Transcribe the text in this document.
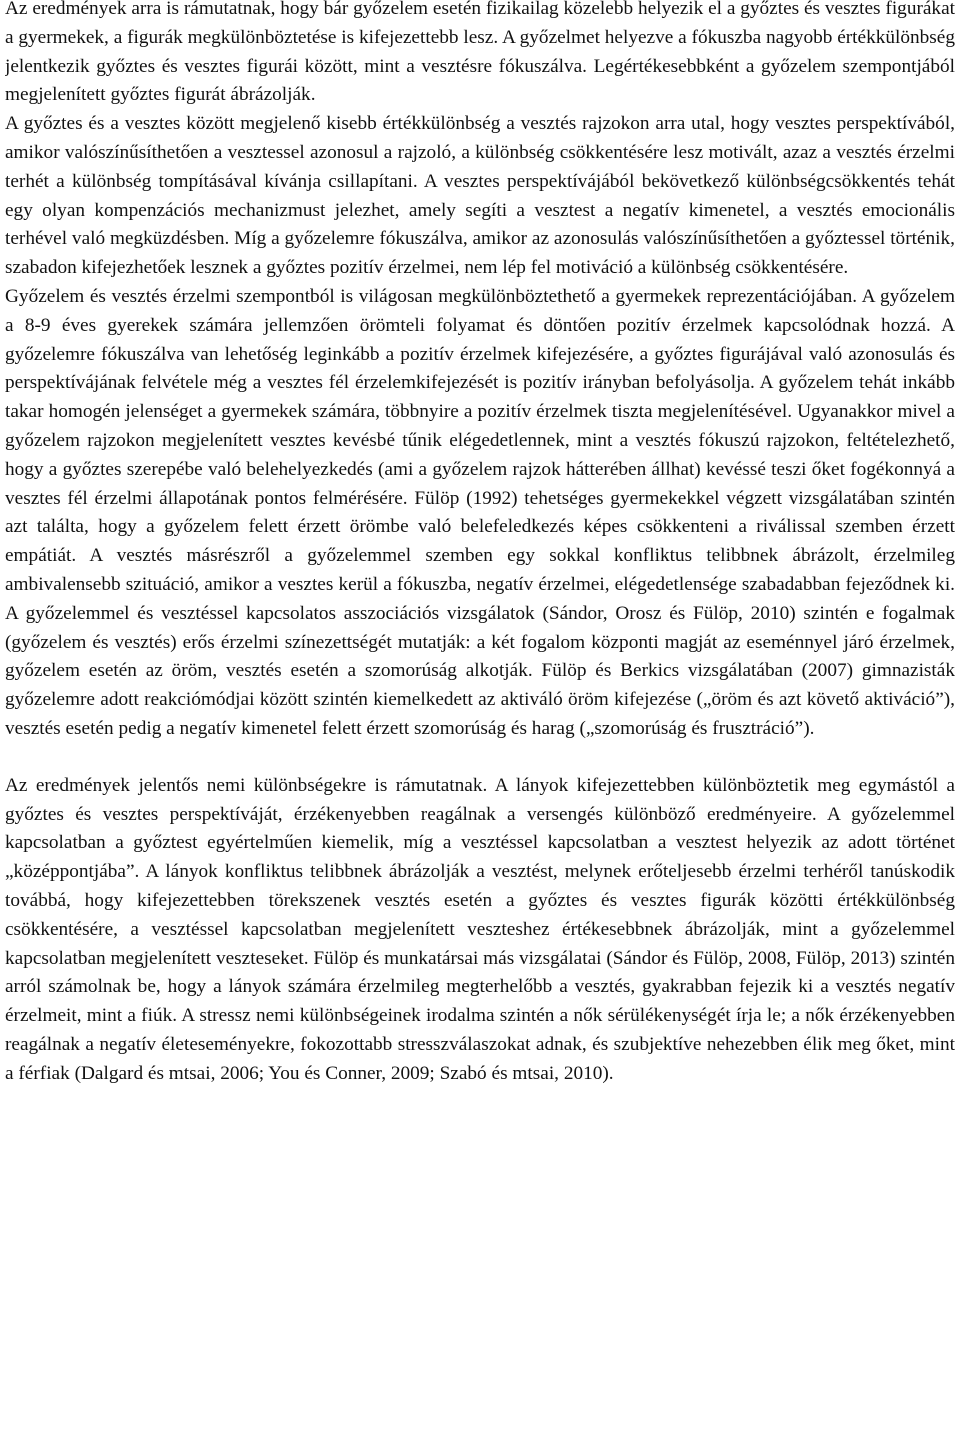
Az eredmények arra is rámutatnak, hogy bár győzelem esetén fizikailag közelebb helyezik el a győztes és vesztes figurákat a gyermekek, a figurák megkülönböztetése is kifejezettebb lesz. A győzelmet helyezve a fókuszba nagyobb értékkülönbség jelentkezik győztes és vesztes figurái között, mint a vesztésre fókuszálva. Legértékesebbként a győzelem szempontjából megjelenített győztes figurát ábrázolják.

A győztes és a vesztes között megjelenő kisebb értékkülönbség a vesztés rajzokon arra utal, hogy vesztes perspektívából, amikor valószínűsíthetően a vesztessel azonosul a rajzoló, a különbség csökkentésére lesz motivált, azaz a vesztés érzelmi terhét a különbség tompításával kívánja csillapítani. A vesztes perspektívájából bekövetkező különbségcsökkentés tehát egy olyan kompenzációs mechanizmust jelezhet, amely segíti a vesztest a negatív kimenetel, a vesztés emocionális terhével való megküzdésben. Míg a győzelemre fókuszálva, amikor az azonosulás valószínűsíthetően a győztessel történik, szabadon kifejezhetőek lesznek a győztes pozitív érzelmei, nem lép fel motiváció a különbség csökkentésére.

Győzelem és vesztés érzelmi szempontból is világosan megkülönböztethető a gyermekek reprezentációjában. A győzelem a 8-9 éves gyerekek számára jellemzően örömteli folyamat és döntően pozitív érzelmek kapcsolódnak hozzá. A győzelemre fókuszálva van lehetőség leginkább a pozitív érzelmek kifejezésére, a győztes figurájával való azonosulás és perspektívájának felvétele még a vesztes fél érzelemkifejezését is pozitív irányban befolyásolja. A győzelem tehát inkább takar homogén jelenséget a gyermekek számára, többnyire a pozitív érzelmek tiszta megjelenítésével. Ugyanakkor mivel a győzelem rajzokon megjelenített vesztes kevésbé tűnik elégedetlennek, mint a vesztés fókuszú rajzokon, feltételezhető, hogy a győztes szerepébe való belehelyezkedés (ami a győzelem rajzok hátterében állhat) kevéssé teszi őket fogékonnyá a vesztes fél érzelmi állapotának pontos felmérésére. Fülöp (1992) tehetséges gyermekekkel végzett vizsgálatában szintén azt találta, hogy a győzelem felett érzett örömbe való belefeledkezés képes csökkenteni a riválissal szemben érzett empátiát. A vesztés másrészről a győzelemmel szemben egy sokkal konfliktus telibbnek ábrázolt, érzelmileg ambivalensebb szituáció, amikor a vesztes kerül a fókuszba, negatív érzelmei, elégedetlensége szabadabban fejeződnek ki. A győzelemmel és vesztéssel kapcsolatos asszociációs vizsgálatok (Sándor, Orosz és Fülöp, 2010) szintén e fogalmak (győzelem és vesztés) erős érzelmi színezettségét mutatják: a két fogalom központi magját az eseménnyel járó érzelmek, győzelem esetén az öröm, vesztés esetén a szomorúság alkotják. Fülöp és Berkics vizsgálatában (2007) gimnazisták győzelemre adott reakciómódjai között szintén kiemelkedett az aktiváló öröm kifejezése („öröm és azt követő aktiváció”), vesztés esetén pedig a negatív kimenetel felett érzett szomorúság és harag („szomorúság és frusztráció”).

Az eredmények jelentős nemi különbségekre is rámutatnak. A lányok kifejezettebben különböztetik meg egymástól a győztes és vesztes perspektíváját, érzékenyebben reagálnak a versengés különböző eredményeire. A győzelemmel kapcsolatban a győztest egyértelműen kiemelik, míg a vesztéssel kapcsolatban a vesztest helyezik az adott történet „középpontjába”. A lányok konfliktus telibbnek ábrázolják a vesztést, melynek erőteljesebb érzelmi terhéről tanúskodik továbbá, hogy kifejezettebben törekszenek vesztés esetén a győztes és vesztes figurák közötti értékkülönbség csökkentésére, a vesztéssel kapcsolatban megjelenített veszteshez értékesebbnek ábrázolják, mint a győzelemmel kapcsolatban megjelenített veszteseket. Fülöp és munkatársai más vizsgálatai (Sándor és Fülöp, 2008, Fülöp, 2013) szintén arról számolnak be, hogy a lányok számára érzelmileg megterhelőbb a vesztés, gyakrabban fejezik ki a vesztés negatív érzelmeit, mint a fiúk. A stressz nemi különbségeinek irodalma szintén a nők sérülékenységét írja le; a nők érzékenyebben reagálnak a negatív életeseményekre, fokozottabb stresszválaszokat adnak, és szubjektíve nehezebben élik meg őket, mint a férfiak (Dalgard és mtsai, 2006; You és Conner, 2009; Szabó és mtsai, 2010).
